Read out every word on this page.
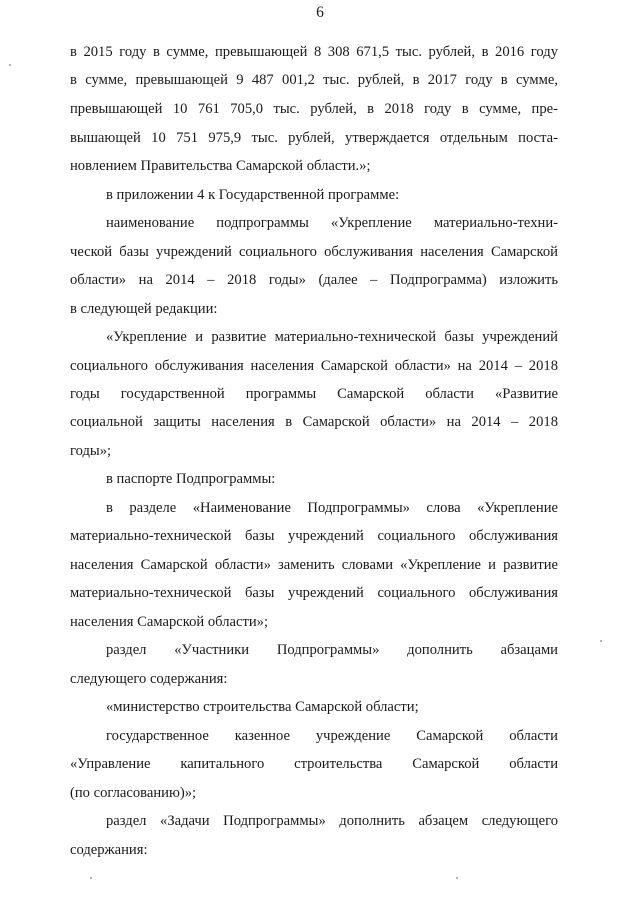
6
в 2015 году в сумме, превышающей 8 308 671,5 тыс. рублей, в 2016 году
в сумме, превышающей 9 487 001,2 тыс. рублей, в 2017 году в сумме,
превышающей 10 761 705,0 тыс. рублей, в 2018 году в сумме, пре-
вышающей 10 751 975,9 тыс. рублей, утверждается отдельным поста-
новлением Правительства Самарской области.»;
в приложении 4 к Государственной программе:
наименование подпрограммы «Укрепление материально-техни-
ческой базы учреждений социального обслуживания населения Самарской
области» на 2014 – 2018 годы» (далее – Подпрограмма) изложить
в следующей редакции:
«Укрепление и развитие материально-технической базы учреждений
социального обслуживания населения Самарской области» на 2014 – 2018
годы государственной программы Самарской области «Развитие
социальной защиты населения в Самарской области» на 2014 – 2018
годы»;
в паспорте Подпрограммы:
в разделе «Наименование Подпрограммы» слова «Укрепление
материально-технической базы учреждений социального обслуживания
населения Самарской области» заменить словами «Укрепление и развитие
материально-технической базы учреждений социального обслуживания
населения Самарской области»;
раздел «Участники Подпрограммы» дополнить абзацами
следующего содержания:
«министерство строительства Самарской области;
государственное казенное учреждение Самарской области
«Управление капитального строительства Самарской области
(по согласованию)»;
раздел «Задачи Подпрограммы» дополнить абзацем следующего
содержания:
